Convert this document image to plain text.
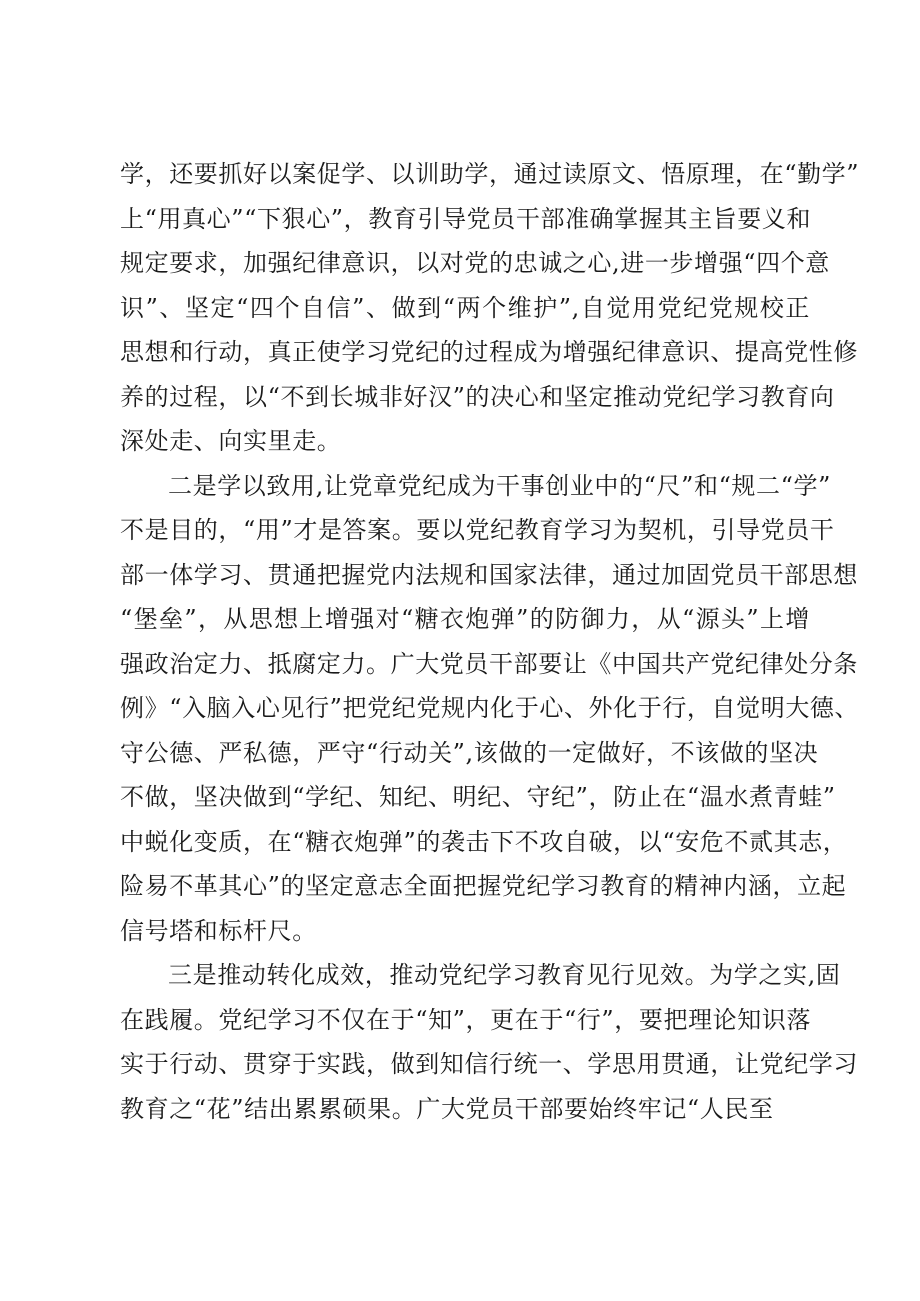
学，还要抓好以案促学、以训助学，通过读原文、悟原理，在“勤学”
上“用真心”“下狠心”，教育引导党员干部准确掌握其主旨要义和
规定要求，加强纪律意识，以对党的忠诚之心,进一步增强“四个意
识”、坚定“四个自信”、做到“两个维护”,自觉用党纪党规校正
思想和行动，真正使学习党纪的过程成为增强纪律意识、提高党性修
养的过程，以“不到长城非好汉”的决心和坚定推动党纪学习教育向
深处走、向实里走。
二是学以致用,让党章党纪成为干事创业中的“尺”和“规二“学”
不是目的，“用”才是答案。要以党纪教育学习为契机，引导党员干
部一体学习、贯通把握党内法规和国家法律，通过加固党员干部思想
“堡垒”，从思想上增强对“糖衣炮弹”的防御力，从“源头”上增
强政治定力、抵腐定力。广大党员干部要让《中国共产党纪律处分条
例》“入脑入心见行”把党纪党规内化于心、外化于行，自觉明大德、
守公德、严私德，严守“行动关”,该做的一定做好，不该做的坚决
不做，坚决做到“学纪、知纪、明纪、守纪”，防止在“温水煮青蛙”
中蜕化变质，在“糖衣炮弹”的袭击下不攻自破，以“安危不贰其志，
险易不革其心”的坚定意志全面把握党纪学习教育的精神内涵，立起
信号塔和标杆尺。
三是推动转化成效，推动党纪学习教育见行见效。为学之实,固
在践履。党纪学习不仅在于“知”，更在于“行”，要把理论知识落
实于行动、贯穿于实践，做到知信行统一、学思用贯通，让党纪学习
教育之“花”结出累累硕果。广大党员干部要始终牢记“人民至
